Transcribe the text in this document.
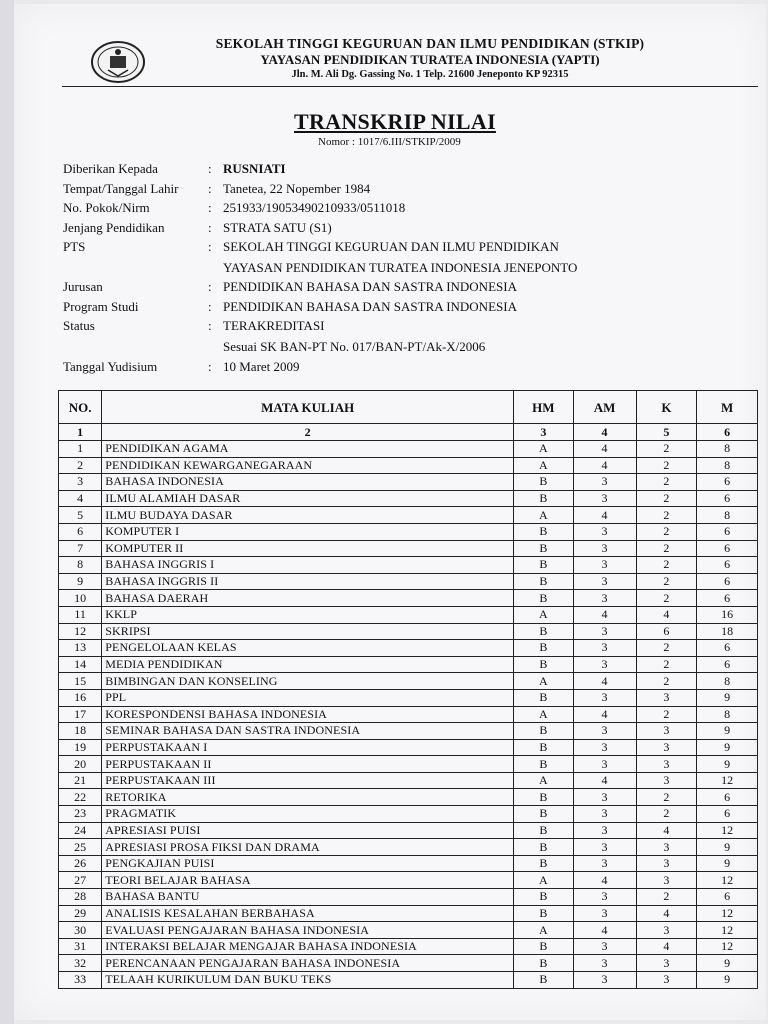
SEKOLAH TINGGI KEGURUAN DAN ILMU PENDIDIKAN (STKIP)
YAYASAN PENDIDIKAN TURATEA INDONESIA (YAPTI)
Jln. M. Ali Dg. Gassing No. 1 Telp. 21600 Jeneponto KP 92315
TRANSKRIP NILAI
Nomor : 1017/6.III/STKIP/2009
Diberikan Kepada	: RUSNIATI
Tempat/Tanggal Lahir : Tanetea, 22 Nopember 1984
No. Pokok/Nirm	: 251933/19053490210933/0511018
Jenjang Pendidikan	: STRATA SATU (S1)
PTS	: SEKOLAH TINGGI KEGURUAN DAN ILMU PENDIDIKAN
YAYASAN PENDIDIKAN TURATEA INDONESIA JENEPONTO
Jurusan	: PENDIDIKAN BAHASA DAN SASTRA INDONESIA
Program Studi	: PENDIDIKAN BAHASA DAN SASTRA INDONESIA
Status	: TERAKREDITASI
Sesuai SK BAN-PT No. 017/BAN-PT/Ak-X/2006
Tanggal Yudisium	: 10 Maret 2009
NO.	MATA KULIAH	HM	AM	K	M
1	2	3	4	5	6
1	PENDIDIKAN AGAMA	A	4	2	8
2	PENDIDIKAN KEWARGANEGARAAN	A	4	2	8
3	BAHASA INDONESIA	B	3	2	6
4	ILMU ALAMIAH DASAR	B	3	2	6
5	ILMU BUDAYA DASAR	A	4	2	8
6	KOMPUTER I	B	3	2	6
7	KOMPUTER II	B	3	2	6
8	BAHASA INGGRIS I	B	3	2	6
9	BAHASA INGGRIS II	B	3	2	6
10	BAHASA DAERAH	B	3	2	6
11	KKLP	A	4	4	16
12	SKRIPSI	B	3	6	18
13	PENGELOLAAN KELAS	B	3	2	6
14	MEDIA PENDIDIKAN	B	3	2	6
15	BIMBINGAN DAN KONSELING	A	4	2	8
16	PPL	B	3	3	9
17	KORESPONDENSI BAHASA INDONESIA	A	4	2	8
18	SEMINAR BAHASA DAN SASTRA INDONESIA	B	3	3	9
19	PERPUSTAKAAN I	B	3	3	9
20	PERPUSTAKAAN II	B	3	3	9
21	PERPUSTAKAAN III	A	4	3	12
22	RETORIKA	B	3	2	6
23	PRAGMATIK	B	3	2	6
24	APRESIASI PUISI	B	3	4	12
25	APRESIASI PROSA FIKSI DAN DRAMA	B	3	3	9
26	PENGKAJIAN PUISI	B	3	3	9
27	TEORI BELAJAR BAHASA	A	4	3	12
28	BAHASA BANTU	B	3	2	6
29	ANALISIS KESALAHAN BERBAHASA	B	3	4	12
30	EVALUASI PENGAJARAN BAHASA INDONESIA	A	4	3	12
31	INTERAKSI BELAJAR MENGAJAR BAHASA INDONESIA	B	3	4	12
32	PERENCANAAN PENGAJARAN BAHASA INDONESIA	B	3	3	9
33	TELAAH KURIKULUM DAN BUKU TEKS	B	3	3	9
